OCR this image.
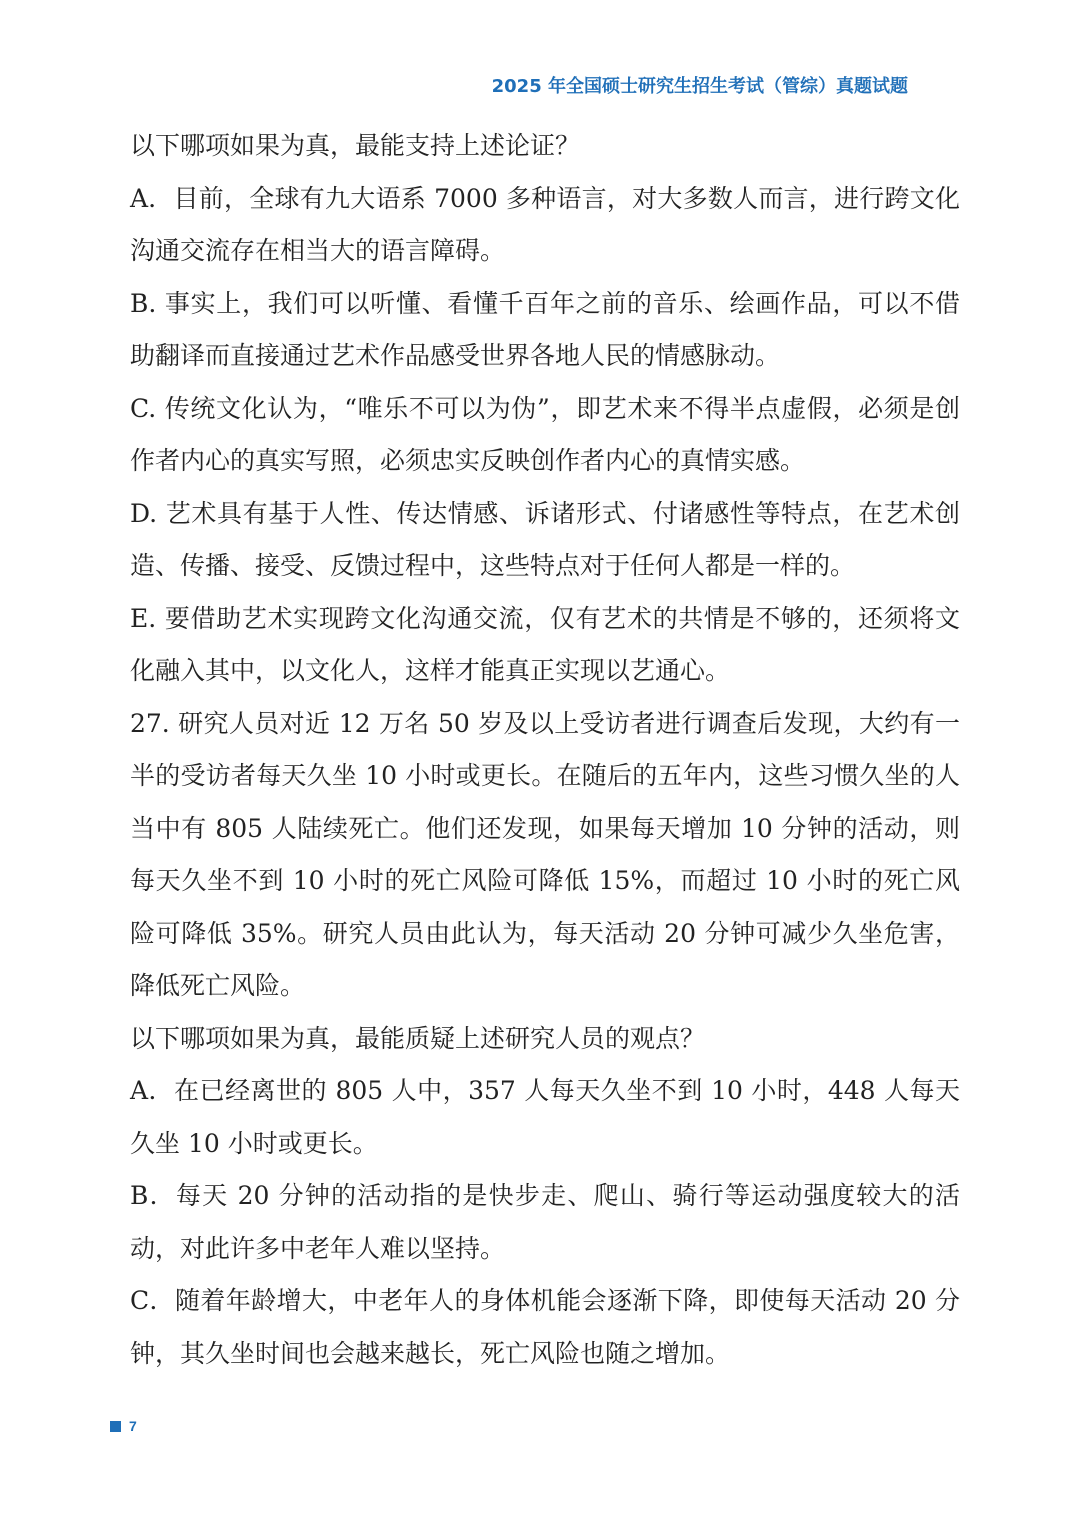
2025 年全国硕士研究生招生考试（管综）真题试题

以下哪项如果为真，最能支持上述论证？

A．目前，全球有九大语系 7000 多种语言，对大多数人而言，进行跨文化沟通交流存在相当大的语言障碍。

B. 事实上，我们可以听懂、看懂千百年之前的音乐、绘画作品，可以不借助翻译而直接通过艺术作品感受世界各地人民的情感脉动。

C. 传统文化认为，“唯乐不可以为伪”，即艺术来不得半点虚假，必须是创作者内心的真实写照，必须忠实反映创作者内心的真情实感。

D. 艺术具有基于人性、传达情感、诉诸形式、付诸感性等特点，在艺术创造、传播、接受、反馈过程中，这些特点对于任何人都是一样的。

E. 要借助艺术实现跨文化沟通交流，仅有艺术的共情是不够的，还须将文化融入其中，以文化人，这样才能真正实现以艺通心。

27. 研究人员对近 12 万名 50 岁及以上受访者进行调查后发现，大约有一半的受访者每天久坐 10 小时或更长。在随后的五年内，这些习惯久坐的人当中有 805 人陆续死亡。他们还发现，如果每天增加 10 分钟的活动，则每天久坐不到 10 小时的死亡风险可降低 15%，而超过 10 小时的死亡风险可降低 35%。研究人员由此认为，每天活动 20 分钟可减少久坐危害，降低死亡风险。

以下哪项如果为真，最能质疑上述研究人员的观点？

A．在已经离世的 805 人中，357 人每天久坐不到 10 小时，448 人每天久坐 10 小时或更长。

B．每天 20 分钟的活动指的是快步走、爬山、骑行等运动强度较大的活动，对此许多中老年人难以坚持。

C．随着年龄增大，中老年人的身体机能会逐渐下降，即使每天活动 20 分钟，其久坐时间也会越来越长，死亡风险也随之增加。

7
